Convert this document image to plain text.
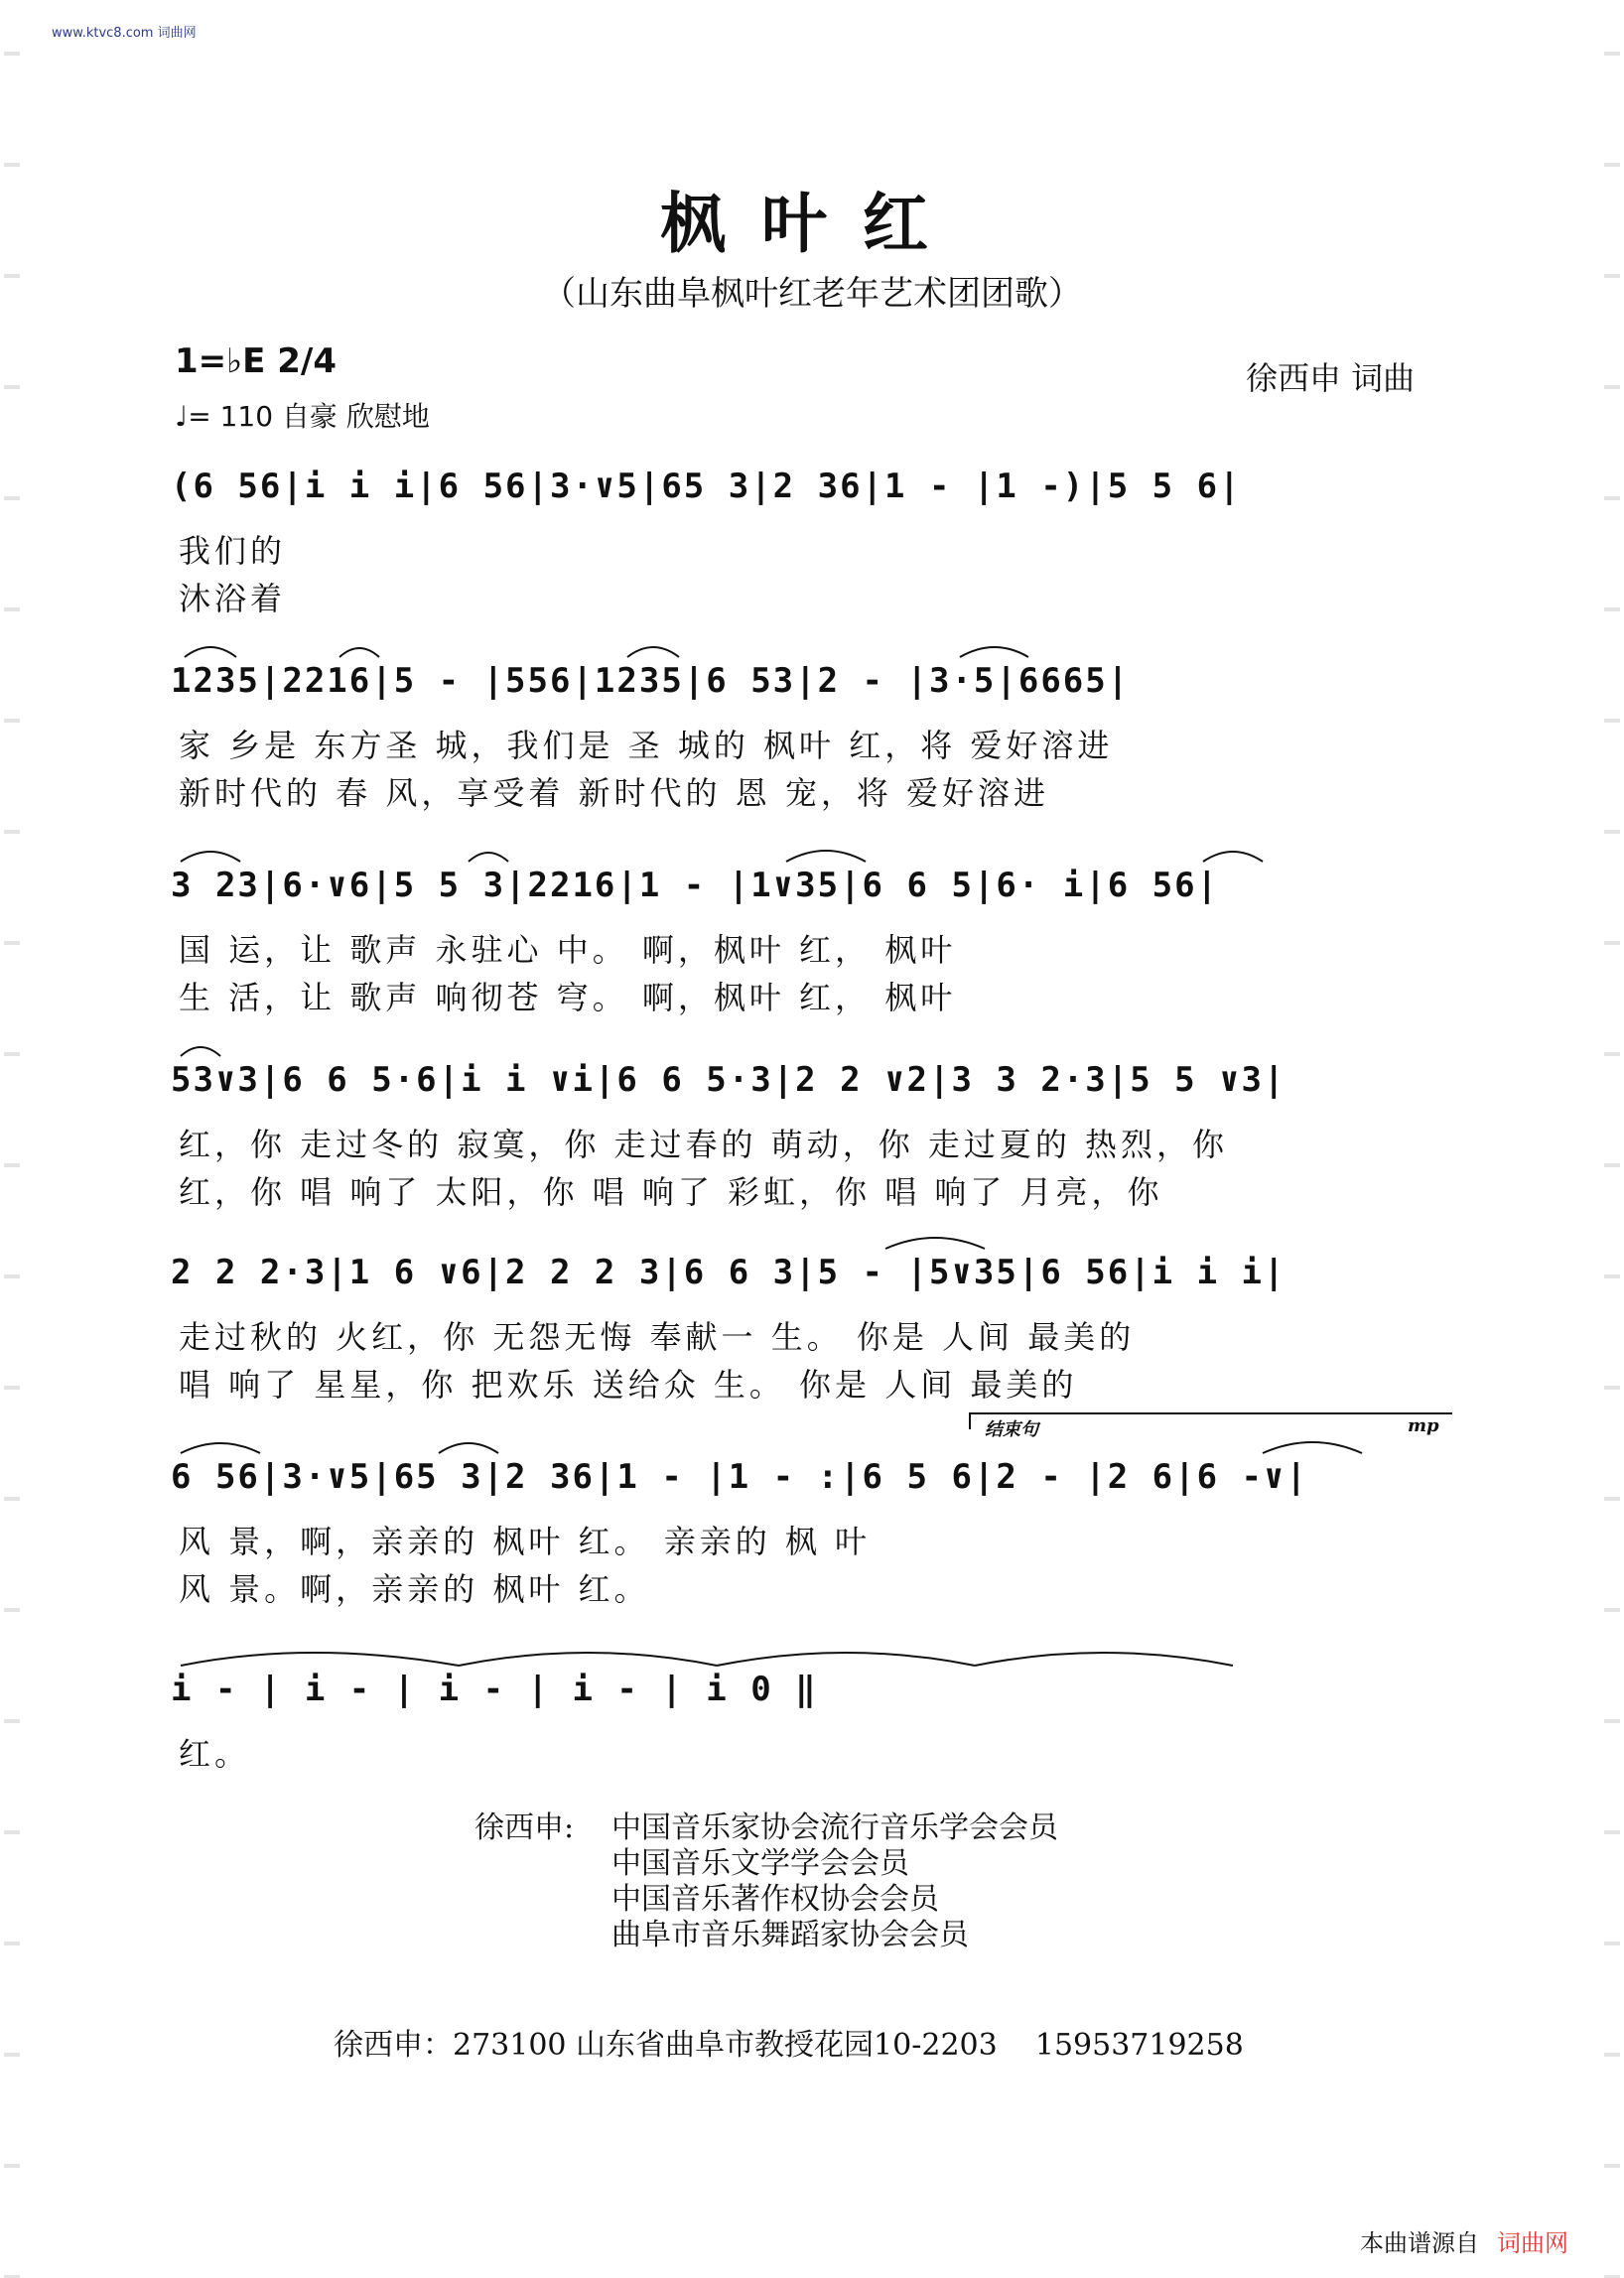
www.ktvc8.com 词曲网
枫叶红
（山东曲阜枫叶红老年艺术团团歌）
1=♭E 2/4
♩= 110 自豪 欣慰地
徐西申 词曲
(6 56|i i i|6 56|3·∨5|65 3|2 36|1 - |1 -)|5 5 6|
我们的
沐浴着
1235|2216|5 - |556|1235|6 53|2 - |3·5|6665|
家 乡是 东方圣 城，我们是 圣 城的 枫叶 红，将 爱好溶进
新时代的 春 风，享受着 新时代的 恩 宠，将 爱好溶进
3 23|6·∨6|5 5 3|2216|1 - |1∨35|6 6 5|6· i|6 56|
国 运，让 歌声 永驻心 中。 啊，枫叶 红， 枫叶
生 活，让 歌声 响彻苍 穹。 啊，枫叶 红， 枫叶
53∨3|6 6 5·6|i i ∨i|6 6 5·3|2 2 ∨2|3 3 2·3|5 5 ∨3|
红，你 走过冬的 寂寞，你 走过春的 萌动，你 走过夏的 热烈，你
红，你 唱 响了 太阳，你 唱 响了 彩虹，你 唱 响了 月亮，你
2 2 2·3|1 6 ∨6|2 2 2 3|6 6 3|5 - |5∨35|6 56|i i i|
走过秋的 火红，你 无怨无悔 奉献一 生。 你是 人间 最美的
唱 响了 星星，你 把欢乐 送给众 生。 你是 人间 最美的
结束句	mp
6 56|3·∨5|65 3|2 36|1 - |1 - :|6 5 6|2 - |2 6|6 -∨|
风 景，啊，亲亲的 枫叶 红。 亲亲的 枫 叶
风 景。啊，亲亲的 枫叶 红。
i - | i - | i - | i - | i 0 ‖
红。
徐西申: 中国音乐家协会流行音乐学会会员
中国音乐文学学会会员
中国音乐著作权协会会员
曲阜市音乐舞蹈家协会会员
徐西申：273100 山东省曲阜市教授花园10-2203    15953719258
本曲谱源自 词曲网
